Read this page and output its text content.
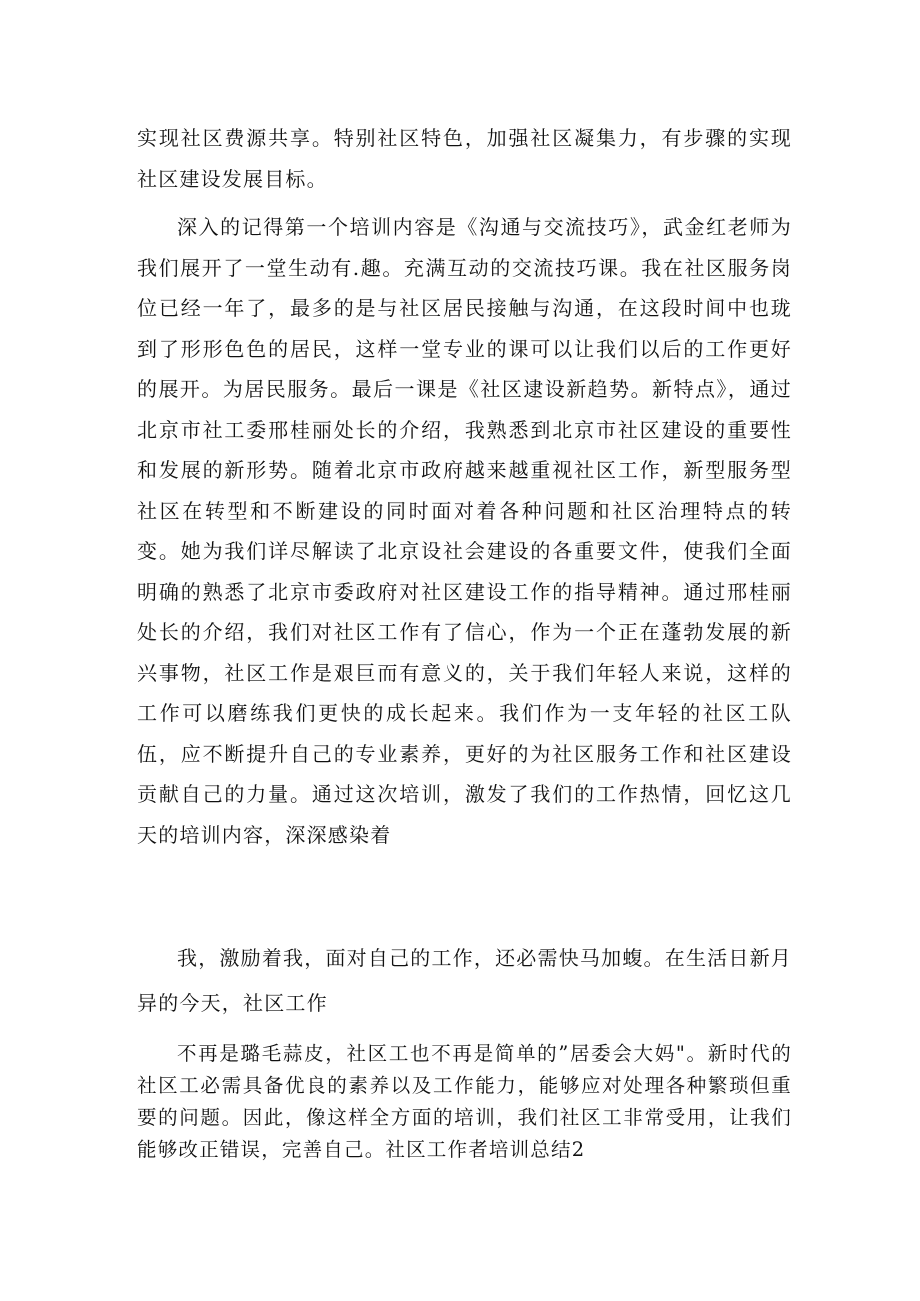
实现社区费源共享。特别社区特色，加强社区凝集力，有步骤的实现社区建设发展目标。

深入的记得第一个培训内容是《沟通与交流技巧》，武金红老师为我们展开了一堂生动有.趣。充满互动的交流技巧课。我在社区服务岗位已经一年了，最多的是与社区居民接触与沟通，在这段时间中也珑到了形形色色的居民，这样一堂专业的课可以让我们以后的工作更好的展开。为居民服务。最后一课是《社区逮设新趋势。新特点》，通过北京市社工委邢桂丽处长的介绍，我熟悉到北京市社区建设的重要性和发展的新形势。随着北京市政府越来越重视社区工作，新型服务型社区在转型和不断建设的同时面对着各种问题和社区治理特点的转变。她为我们详尽解读了北京设社会建设的各重要文件，使我们全面明确的熟悉了北京市委政府对社区建设工作的指导精神。通过邢桂丽处长的介绍，我们对社区工作有了信心，作为一个正在蓬勃发展的新兴事物，社区工作是艰巨而有意义的，关于我们年轻人来说，这样的工作可以磨练我们更快的成长起来。我们作为一支年轻的社区工队伍，应不断提升自己的专业素养，更好的为社区服务工作和社区建设贡献自己的力量。通过这次培训，激发了我们的工作热情，回忆这几天的培训内容，深深感染着

我，激励着我，面对自己的工作，还必需快马加蝮。在生活日新月异的今天，社区工作

不再是璐毛蒜皮，社区工也不再是简单的”居委会大妈"。新时代的社区工必需具备优良的素养以及工作能力，能够应对处理各种繁琐但重要的问题。因此，像这样全方面的培训，我们社区工非常受用，让我们能够改正错误，完善自己。社区工作者培训总结2
